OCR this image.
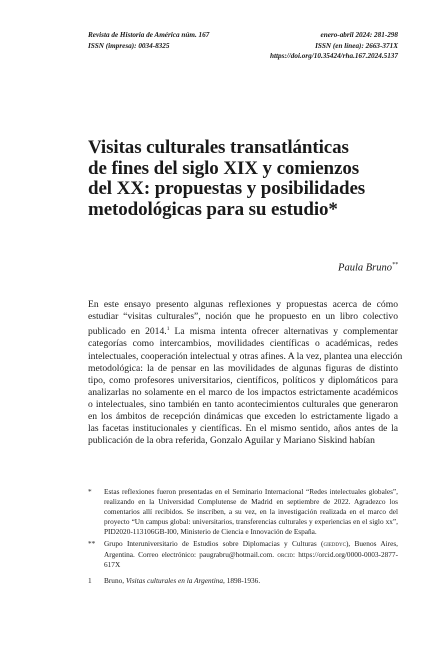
Revista de Historia de América núm. 167	enero-abril 2024: 281-298
ISSN (impresa): 0034-8325	ISSN (en línea): 2663-371X
https://doi.org/10.35424/rha.167.2024.5137
Visitas culturales transatlánticas
de fines del siglo XIX y comienzos
del XX: propuestas y posibilidades
metodológicas para su estudio*
Paula Bruno**
En este ensayo presento algunas reflexiones y propuestas acerca de cómo
estudiar “visitas culturales”, noción que he propuesto en un libro colectivo
publicado en 2014.$^1$ La misma intenta ofrecer alternativas y complementar
categorías como intercambios, movilidades científicas o académicas, redes
intelectuales, cooperación intelectual y otras afines. A la vez, plantea una elección
metodológica: la de pensar en las movilidades de algunas figuras de distinto
tipo, como profesores universitarios, científicos, políticos y diplomáticos para
analizarlas no solamente en el marco de los impactos estrictamente académicos
o intelectuales, sino también en tanto acontecimientos culturales que generaron
en los ámbitos de recepción dinámicas que exceden lo estrictamente ligado a
las facetas institucionales y científicas. En el mismo sentido, años antes de la
publicación de la obra referida, Gonzalo Aguilar y Mariano Siskind habían
*	Estas reflexiones fueron presentadas en el Seminario Internacional “Redes intelectuales globales”, realizando en la Universidad Complutense de Madrid en septiembre de 2022. Agradezco los comentarios allí recibidos. Se inscriben, a su vez, en la investigación realizada en el marco del proyecto “Un campus global: universitarios, transferencias culturales y experiencias en el siglo xx”, PID2020-113106GB-I00, Ministerio de Ciencia e Innovación de España.
**	Grupo Interuniversitario de Estudios sobre Diplomacias y Culturas (gieddyc), Buenos Aires, Argentina. Correo electrónico: paugrabru@hotmail.com. orcid: https://orcid.org/0000-0003-2877-617X
1	Bruno, Visitas culturales en la Argentina, 1898-1936.
